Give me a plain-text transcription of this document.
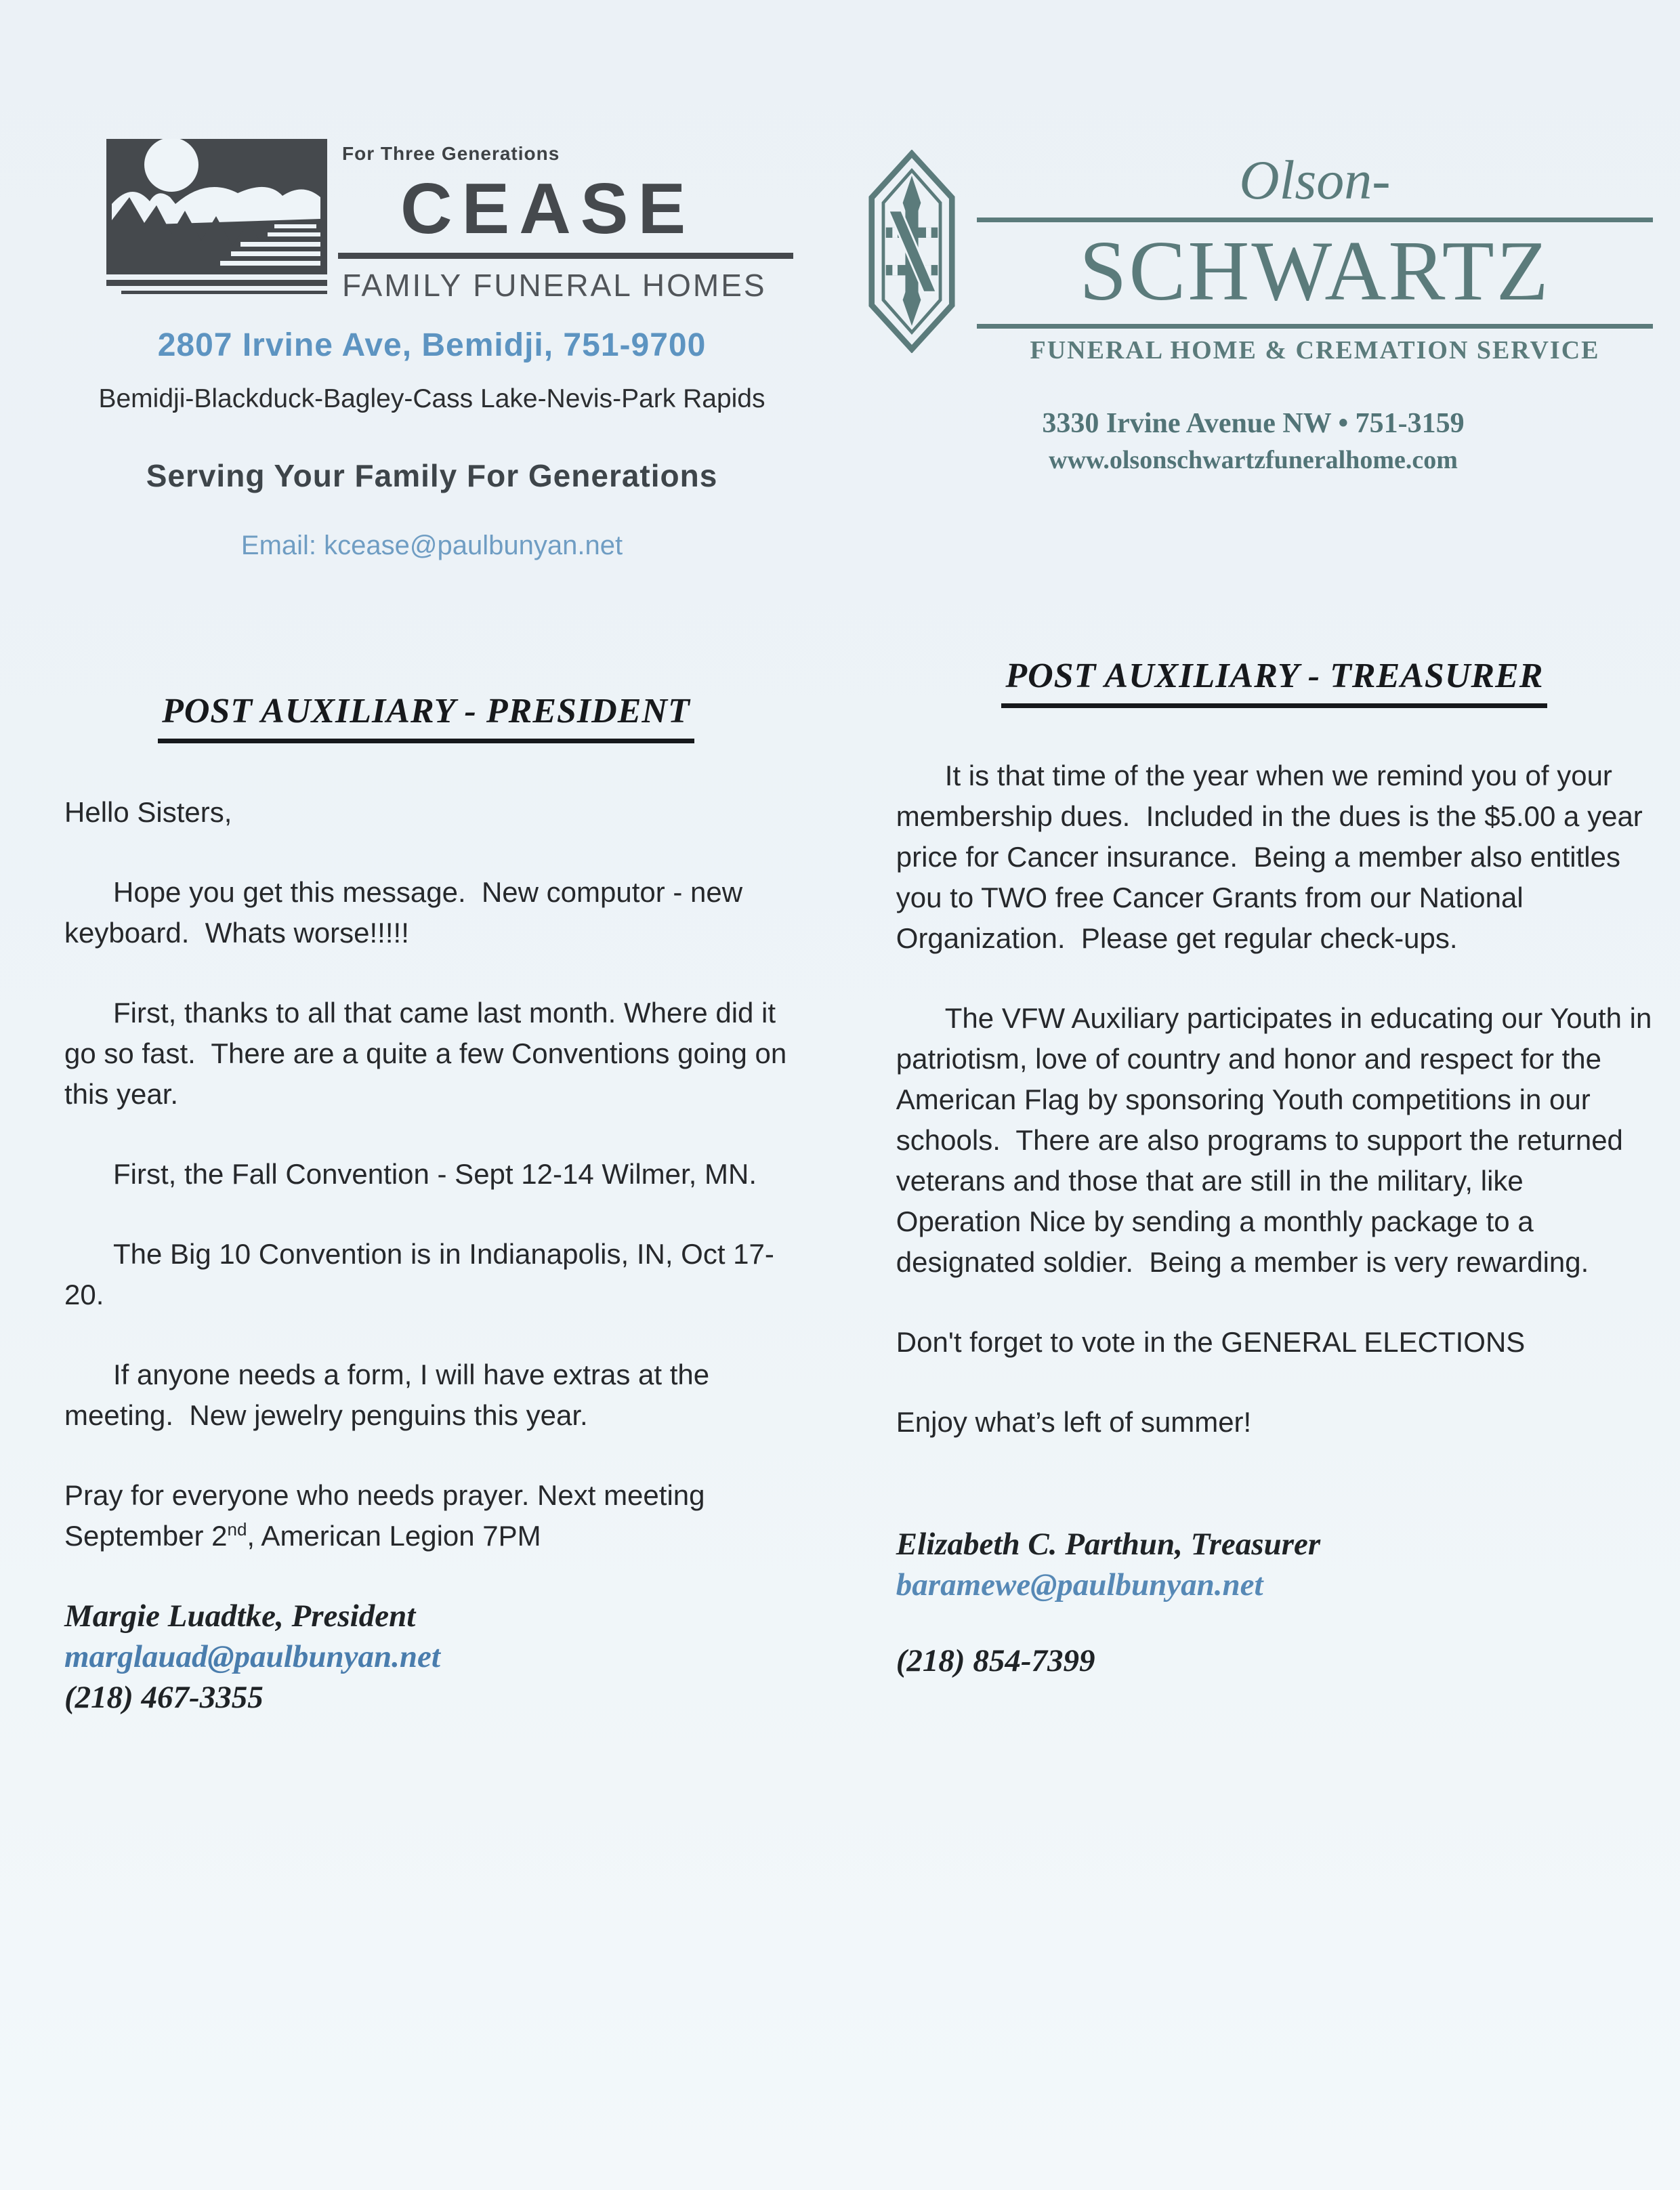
For Three Generations
CEASE
FAMILY FUNERAL HOMES
2807 Irvine Ave, Bemidji, 751-9700
Bemidji-Blackduck-Bagley-Cass Lake-Nevis-Park Rapids
Serving Your Family For Generations
Email: kcease@paulbunyan.net
Olson-
SCHWARTZ
FUNERAL HOME & CREMATION SERVICE
3330 Irvine Avenue NW • 751-3159
www.olsonschwartzfuneralhome.com
POST AUXILIARY - PRESIDENT

Hello Sisters,

Hope you get this message.  New computor - new keyboard.  Whats worse!!!!!

First, thanks to all that came last month. Where did it go so fast.  There are a quite a few Conventions going on this year.

First, the Fall Convention - Sept 12-14 Wilmer, MN.

The Big 10 Convention is in Indianapolis, IN, Oct 17-20.

If anyone needs a form, I will have extras at the meeting.  New jewelry penguins this year.

Pray for everyone who needs prayer. Next meeting September 2nd, American Legion 7PM

Margie Luadtke, President
marglauad@paulbunyan.net
(218) 467-3355
POST AUXILIARY - TREASURER

It is that time of the year when we remind you of your membership dues.  Included in the dues is the $5.00 a year price for Cancer insurance.  Being a member also entitles you to TWO free Cancer Grants from our National Organization.  Please get regular check-ups.

The VFW Auxiliary participates in educating our Youth in patriotism, love of country and honor and respect for the American Flag by sponsoring Youth competitions in our schools.  There are also programs to support the returned veterans and those that are still in the military, like Operation Nice by sending a monthly package to a designated soldier.  Being a member is very rewarding.

Don't forget to vote in the GENERAL ELECTIONS

Enjoy what’s left of summer!

Elizabeth C. Parthun, Treasurer
baramewe@paulbunyan.net
(218) 854-7399
